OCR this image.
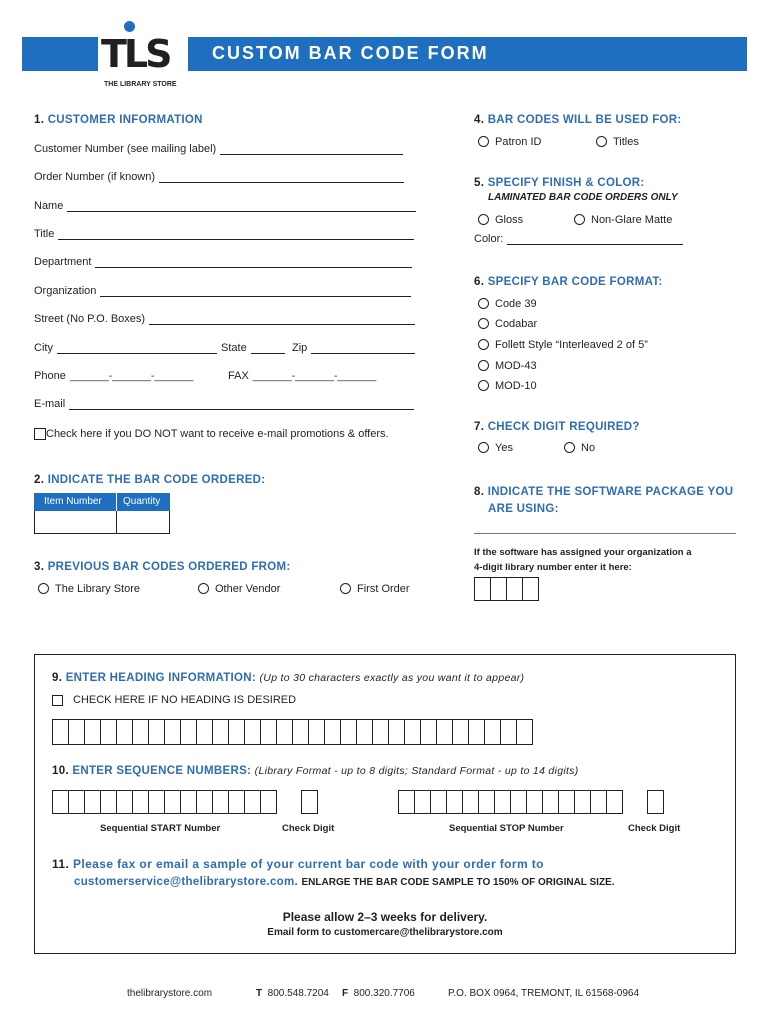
TLS
THE LIBRARY STORE
CUSTOM BAR CODE FORM
1. CUSTOMER INFORMATION
Customer Number (see mailing label)
Order Number (if known)
Name
Title
Department
Organization
Street (No P.O. Boxes)
City	State	Zip
Phone _______-_______-_______	FAX _______-_______-_______
E-mail
Check here if you DO NOT want to receive e-mail promotions & offers.
2. INDICATE THE BAR CODE ORDERED:
Item Number	Quantity
3. PREVIOUS BAR CODES ORDERED FROM:
The Library Store	Other Vendor	First Order
4. BAR CODES WILL BE USED FOR:
Patron ID	Titles
5. SPECIFY FINISH & COLOR:
LAMINATED BAR CODE ORDERS ONLY
Gloss	Non-Glare Matte
Color:
6. SPECIFY BAR CODE FORMAT:
Code 39
Codabar
Follett Style “Interleaved 2 of 5”
MOD-43
MOD-10
7. CHECK DIGIT REQUIRED?
Yes	No
8. INDICATE THE SOFTWARE PACKAGE YOU
ARE USING:
If the software has assigned your organization a
4-digit library number enter it here:
9. ENTER HEADING INFORMATION: (Up to 30 characters exactly as you want it to appear)
CHECK HERE IF NO HEADING IS DESIRED
10. ENTER SEQUENCE NUMBERS: (Library Format - up to 8 digits; Standard Format - up to 14 digits)
Sequential START Number	Check Digit	Sequential STOP Number	Check Digit
11. Please fax or email a sample of your current bar code with your order form to
customerservice@thelibrarystore.com. ENLARGE THE BAR CODE SAMPLE TO 150% OF ORIGINAL SIZE.
Please allow 2–3 weeks for delivery.
Email form to customercare@thelibrarystore.com
thelibrarystore.com	T 800.548.7204 F 800.320.7706	P.O. BOX 0964, TREMONT, IL 61568-0964
